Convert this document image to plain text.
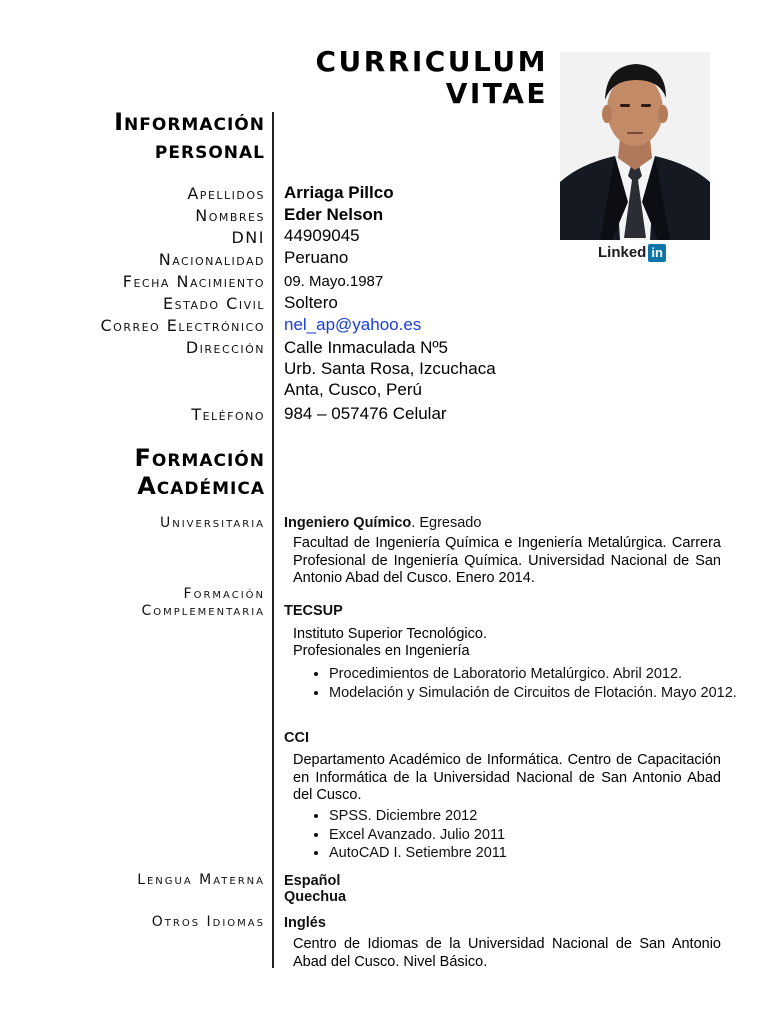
CURRICULUM
VITAE
Linked in
Información
personal
Apellidos Arriaga Pillco
Nombres Eder Nelson
DNI 44909045
Nacionalidad Peruano
Fecha Nacimiento 09. Mayo.1987
Estado Civil Soltero
Correo Electrónico nel_ap@yahoo.es
Dirección Calle Inmaculada Nº5
Urb. Santa Rosa, Izcuchaca
Anta, Cusco, Perú
Teléfono 984 – 057476 Celular
Formación
Académica
Universitaria Ingeniero Químico. Egresado
Facultad de Ingeniería Química e Ingeniería Metalúrgica. Carrera Profesional de Ingeniería Química. Universidad Nacional de San Antonio Abad del Cusco. Enero 2014.
Formación
Complementaria TECSUP
Instituto Superior Tecnológico.
Profesionales en Ingeniería
• Procedimientos de Laboratorio Metalúrgico. Abril 2012.
• Modelación y Simulación de Circuitos de Flotación. Mayo 2012.
CCI
Departamento Académico de Informática. Centro de Capacitación en Informática de la Universidad Nacional de San Antonio Abad del Cusco.
• SPSS. Diciembre 2012
• Excel Avanzado. Julio 2011
• AutoCAD I. Setiembre 2011
Lengua Materna Español
Quechua
Otros Idiomas Inglés
Centro de Idiomas de la Universidad Nacional de San Antonio Abad del Cusco. Nivel Básico.
